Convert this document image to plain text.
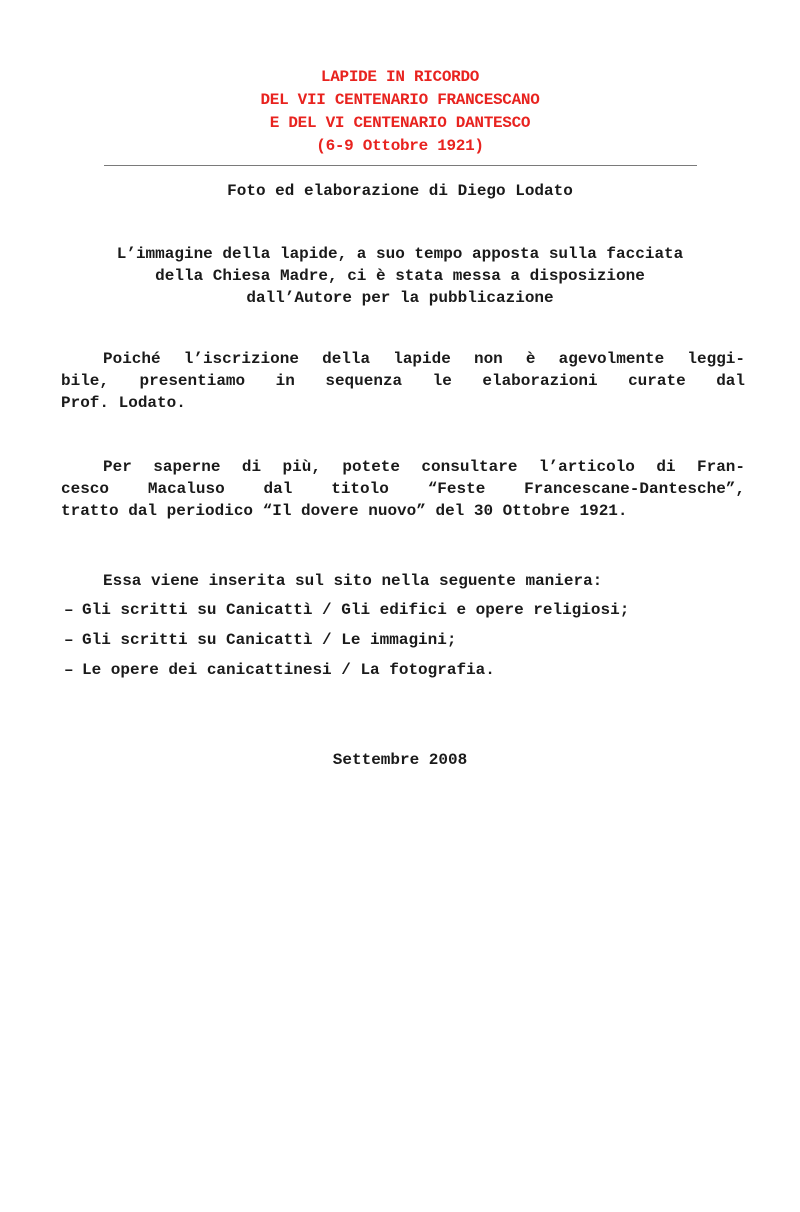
LAPIDE IN RICORDO
DEL VII CENTENARIO FRANCESCANO
E DEL VI CENTENARIO DANTESCO
(6-9 Ottobre 1921)
Foto ed elaborazione di Diego Lodato
L’immagine della lapide, a suo tempo apposta sulla facciata
della Chiesa Madre, ci è stata messa a disposizione
dall’Autore per la pubblicazione
Poiché l’iscrizione della lapide non è agevolmente leggi-
bile, presentiamo in sequenza le elaborazioni curate dal
Prof. Lodato.
Per saperne di più, potete consultare l’articolo di Fran-
cesco Macaluso dal titolo “Feste Francescane-Dantesche”,
tratto dal periodico “Il dovere nuovo” del 30 Ottobre 1921.
Essa viene inserita sul sito nella seguente maniera:
– Gli scritti su Canicattì / Gli edifici e opere religiosi;
– Gli scritti su Canicattì / Le immagini;
– Le opere dei canicattinesi / La fotografia.
Settembre 2008
